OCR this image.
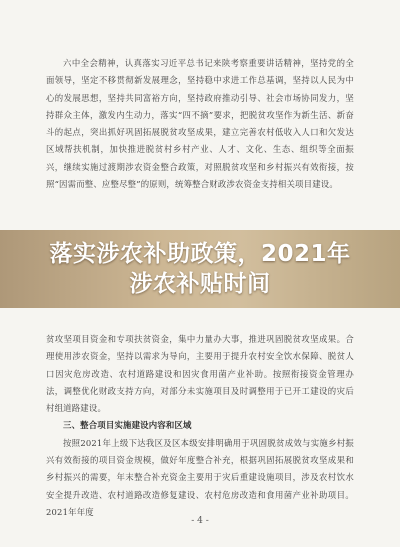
六中全会精神，认真落实习近平总书记来陕考察重要讲话精神，坚持党的全面领导，坚定不移贯彻新发展理念，坚持稳中求进工作总基调，坚持以人民为中心的发展思想，坚持共同富裕方向，坚持政府推动引导、社会市场协同发力，坚持群众主体，激发内生动力，落实“四不摘”要求，把脱贫攻坚作为新生活、新奋斗的起点，突出抓好巩固拓展脱贫攻坚成果，建立完善农村低收入人口和欠发达区域帮扶机制，加快推进脱贫村乡村产业、人才、文化、生态、组织等全面振兴，继续实施过渡期涉农资金整合政策，对照脱贫攻坚和乡村振兴有效衔接，按照“因需而整、应整尽整”的原则，统筹整合财政涉农资金支持相关项目建设。

贫攻坚项目资金和专项扶贫资金，集中力量办大事，推进巩固脱贫攻坚成果。合理使用涉农资金，坚持以需求为导向，主要用于提升农村安全饮水保障、脱贫人口因灾危房改造、农村道路建设和因灾食用菌产业补助。按照衔接资金管理办法，调整优化财政支持方向，对部分未实施项目及时调整用于已开工建设的灾后村组道路建设。

三、整合项目实施建设内容和区域

按照2021年上级下达我区及区本级安排明确用于巩固脱贫成效与实施乡村振兴有效衔接的项目资金规模，做好年度整合补充，根据巩固拓展脱贫攻坚成果和乡村振兴的需要，年末整合补充资金主要用于灾后重建设施项目，涉及农村饮水安全提升改造、农村道路改造修复建设、农村危房改造和食用菌产业补助项目。2021年年度

- 4 -
落实涉农补助政策，2021年
涉农补贴时间
